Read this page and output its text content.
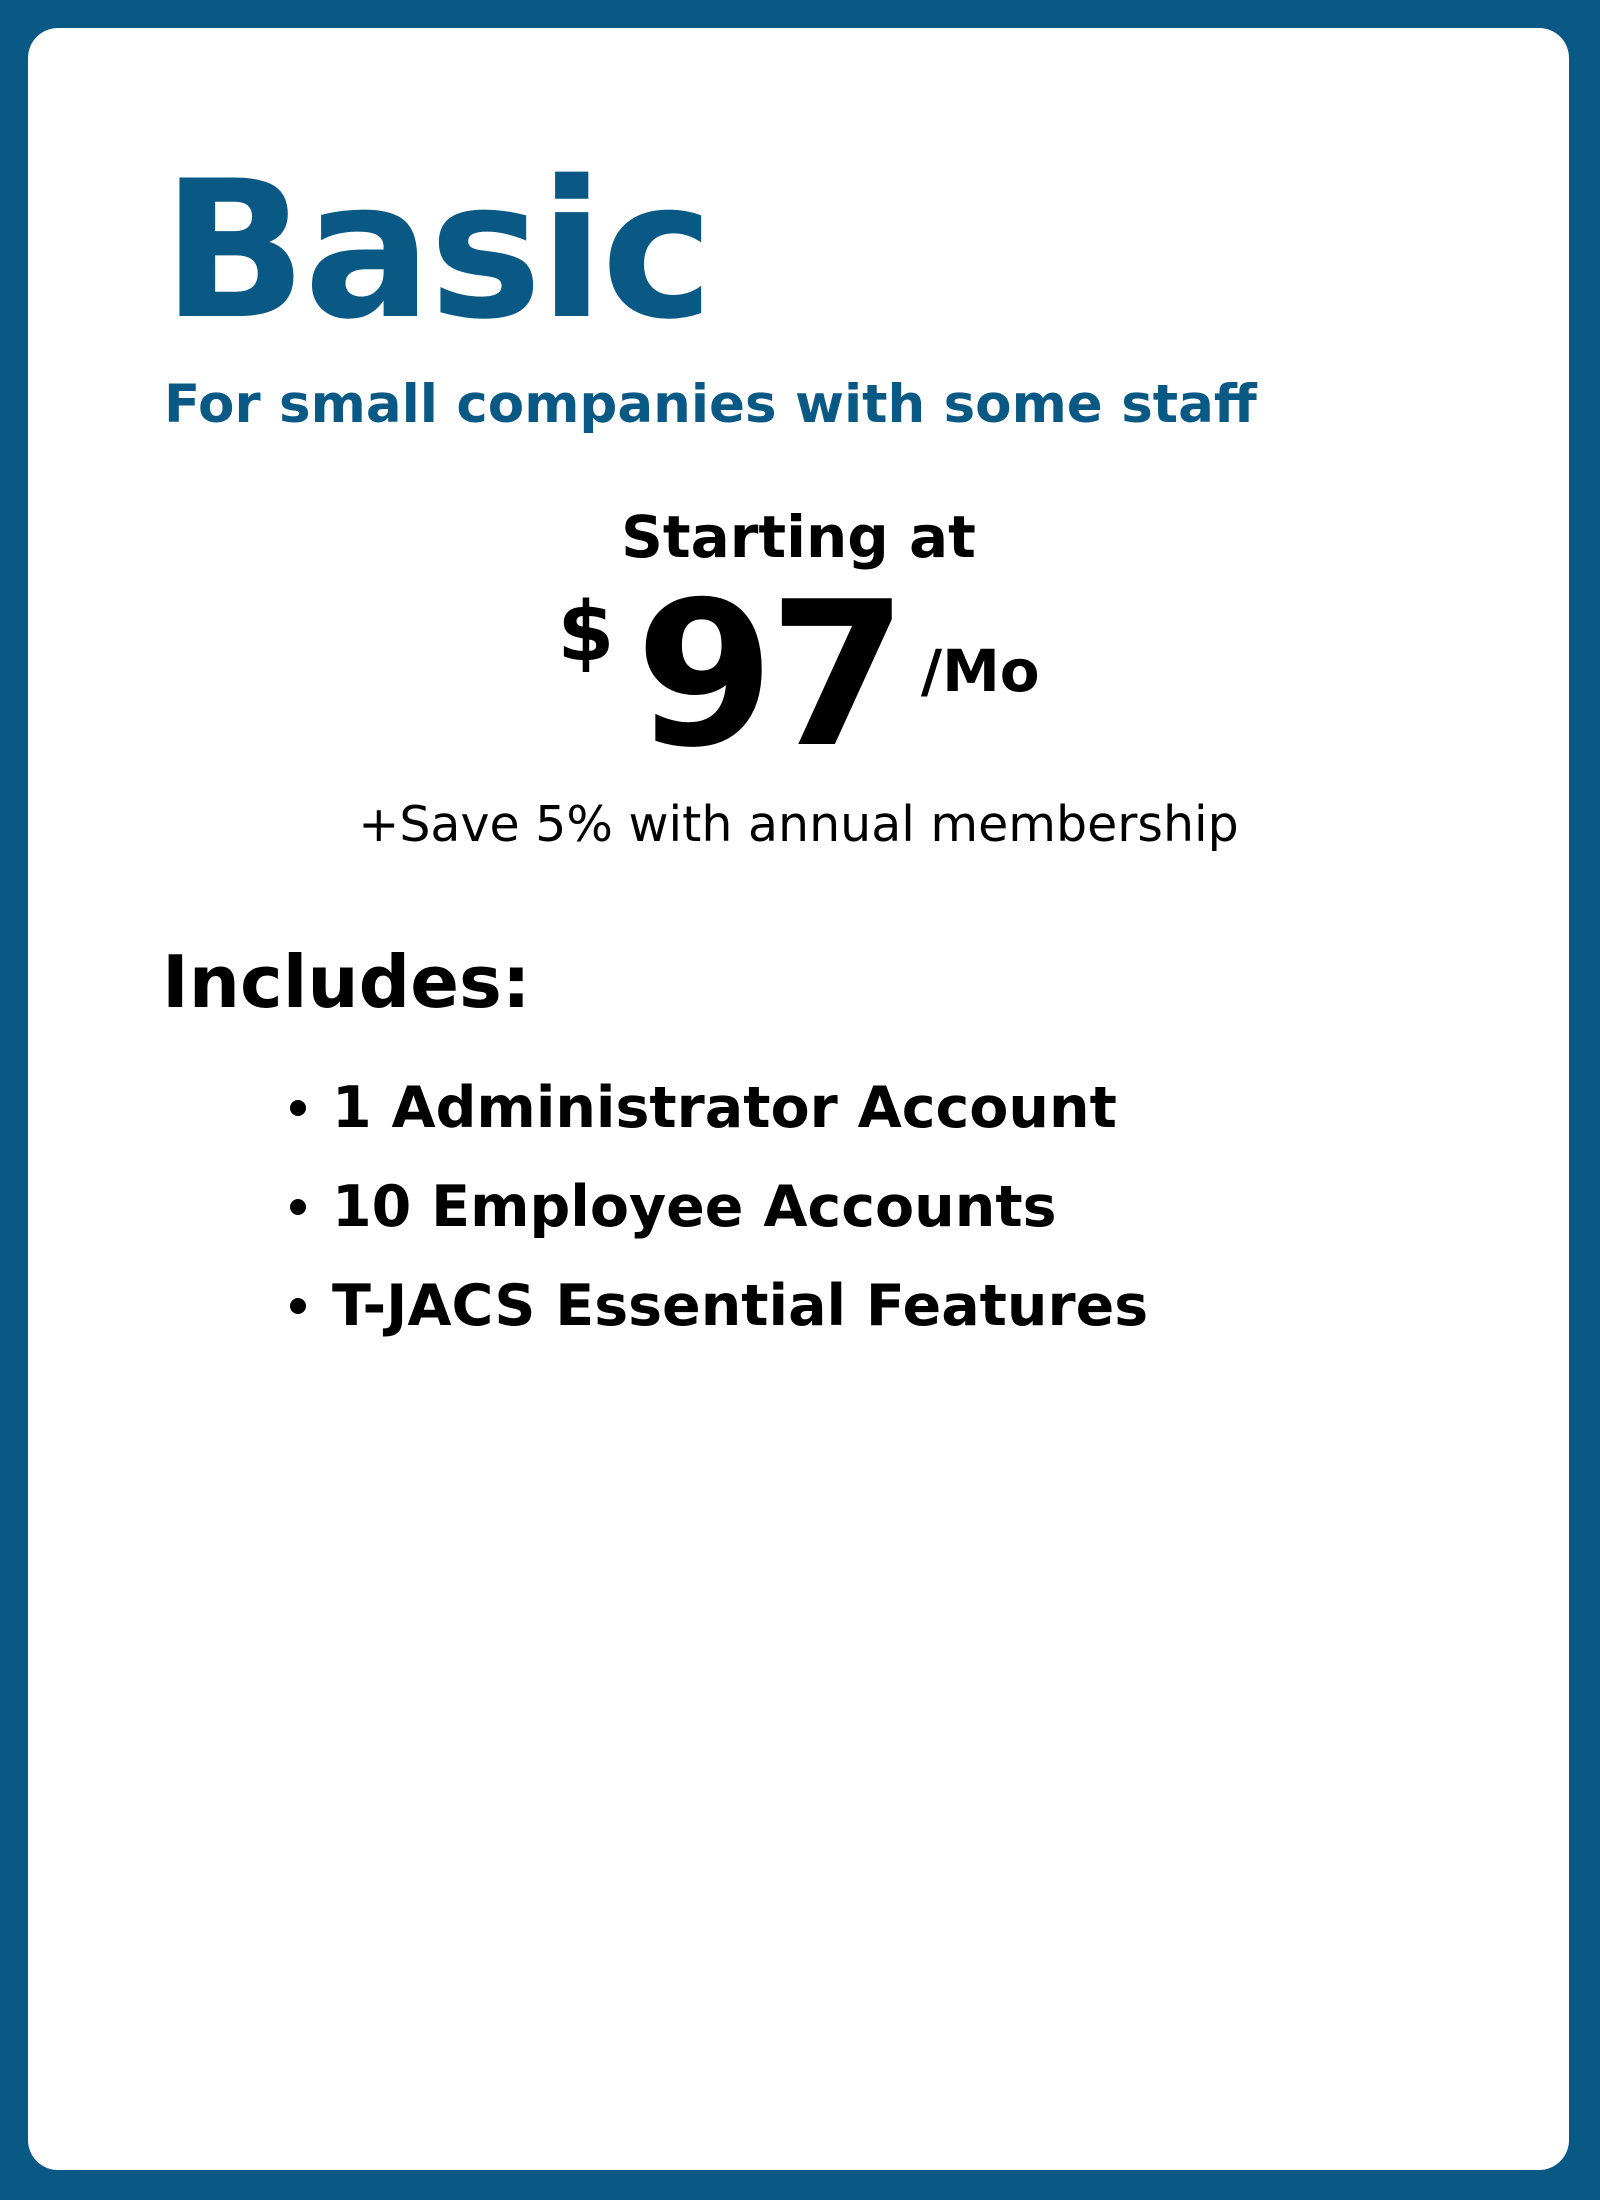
Basic
For small companies with some staff
Starting at
$ 97 /Mo
+Save 5% with annual membership
Includes:
1 Administrator Account
10 Employee Accounts
T-JACS Essential Features
